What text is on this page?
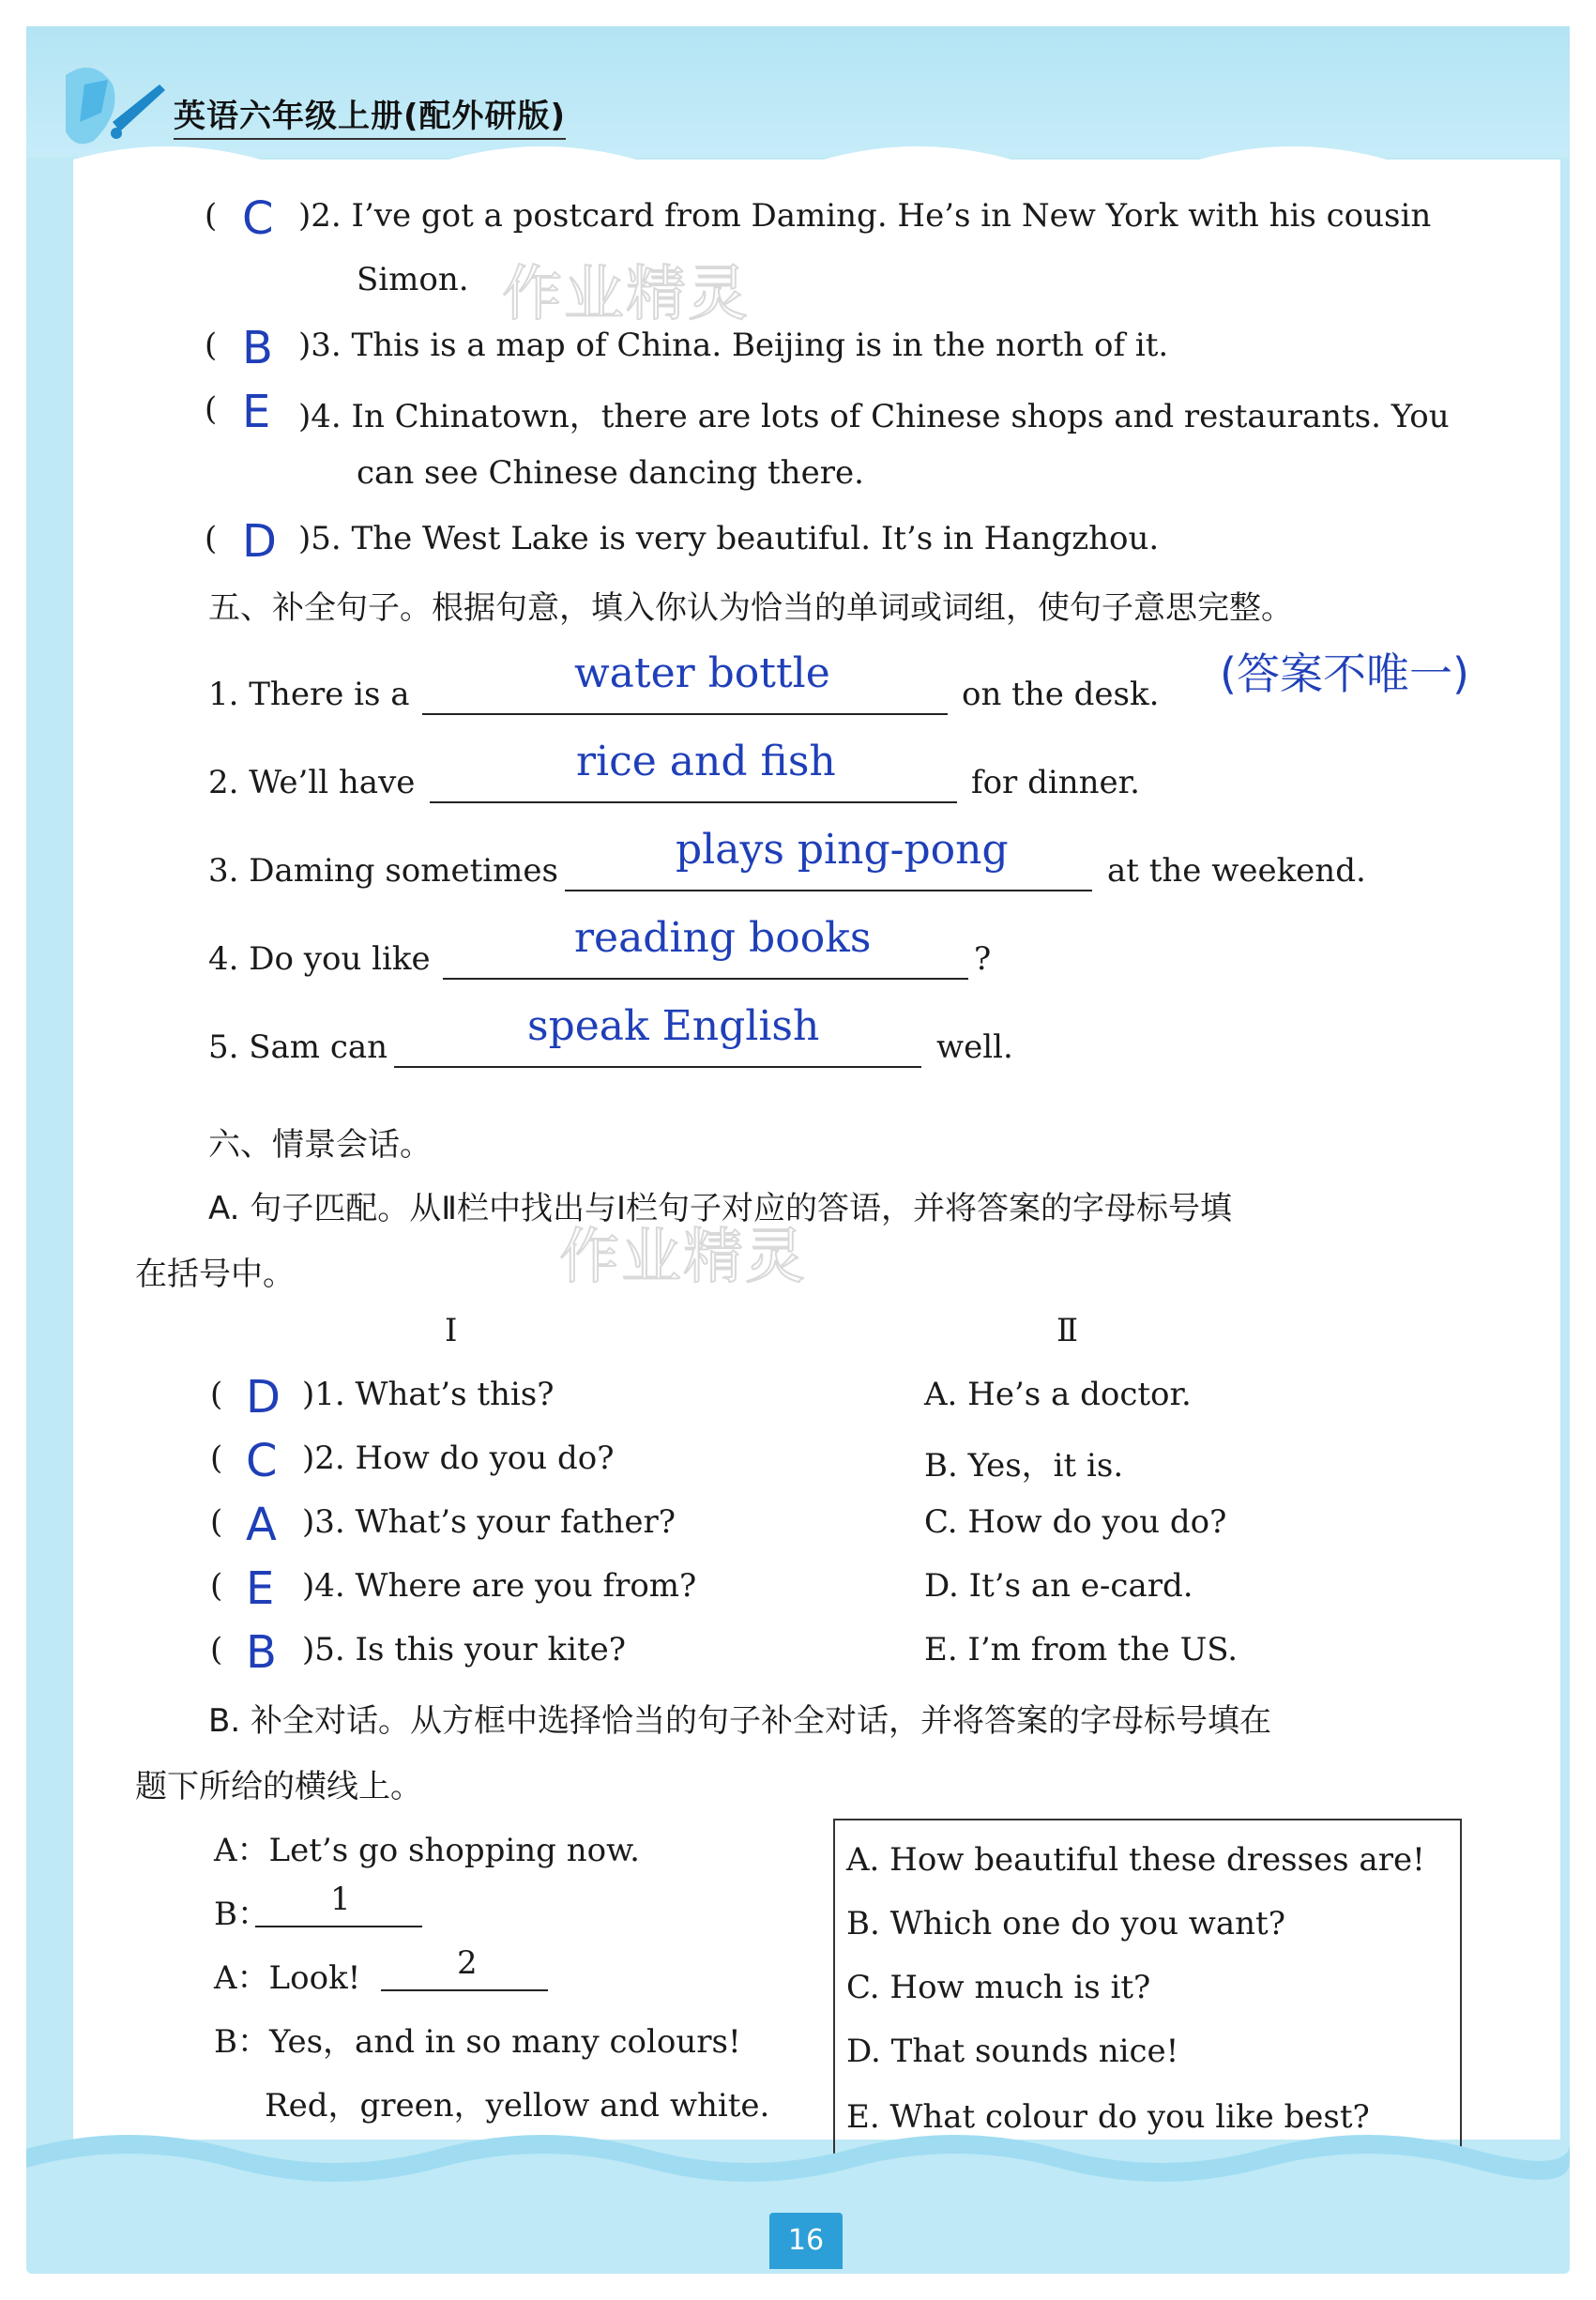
英语六年级上册(配外研版)
( C )2. I’ve got a postcard from Daming. He’s in New York with his cousin
Simon. 作业精灵
( B )3. This is a map of China. Beijing is in the north of it.
( E )4. In Chinatown，there are lots of Chinese shops and restaurants. You
can see Chinese dancing there.
( D )5. The West Lake is very beautiful. It’s in Hangzhou.
五、补全句子。根据句意，填入你认为恰当的单词或词组，使句子意思完整。
(答案不唯一)
1. There is a	water bottle	on the desk.
2. We’ll have	rice and fish	for dinner.
3. Daming sometimes	plays ping-pong	at the weekend.
4. Do you like	reading books	?
5. Sam can	speak English	well.
六、情景会话。
A. 句子匹配。从Ⅱ栏中找出与Ⅰ栏句子对应的答语，并将答案的字母标号填
在括号中。	作业精灵
Ⅰ	Ⅱ
( D )1. What’s this?	A. He’s a doctor.
( C )2. How do you do?	B. Yes，it is.
( A )3. What’s your father?	C. How do you do?
( E )4. Where are you from?	D. It’s an e-card.
( B )5. Is this your kite?	E. I’m from the US.
B. 补全对话。从方框中选择恰当的句子补全对话，并将答案的字母标号填在
题下所给的横线上。
A：Let’s go shopping now.
B： 1
A：Look!	2
B：Yes，and in so many colours!
Red，green，yellow and white.
A. How beautiful these dresses are!
B. Which one do you want?
C. How much is it?
D. That sounds nice!
E. What colour do you like best?
16
